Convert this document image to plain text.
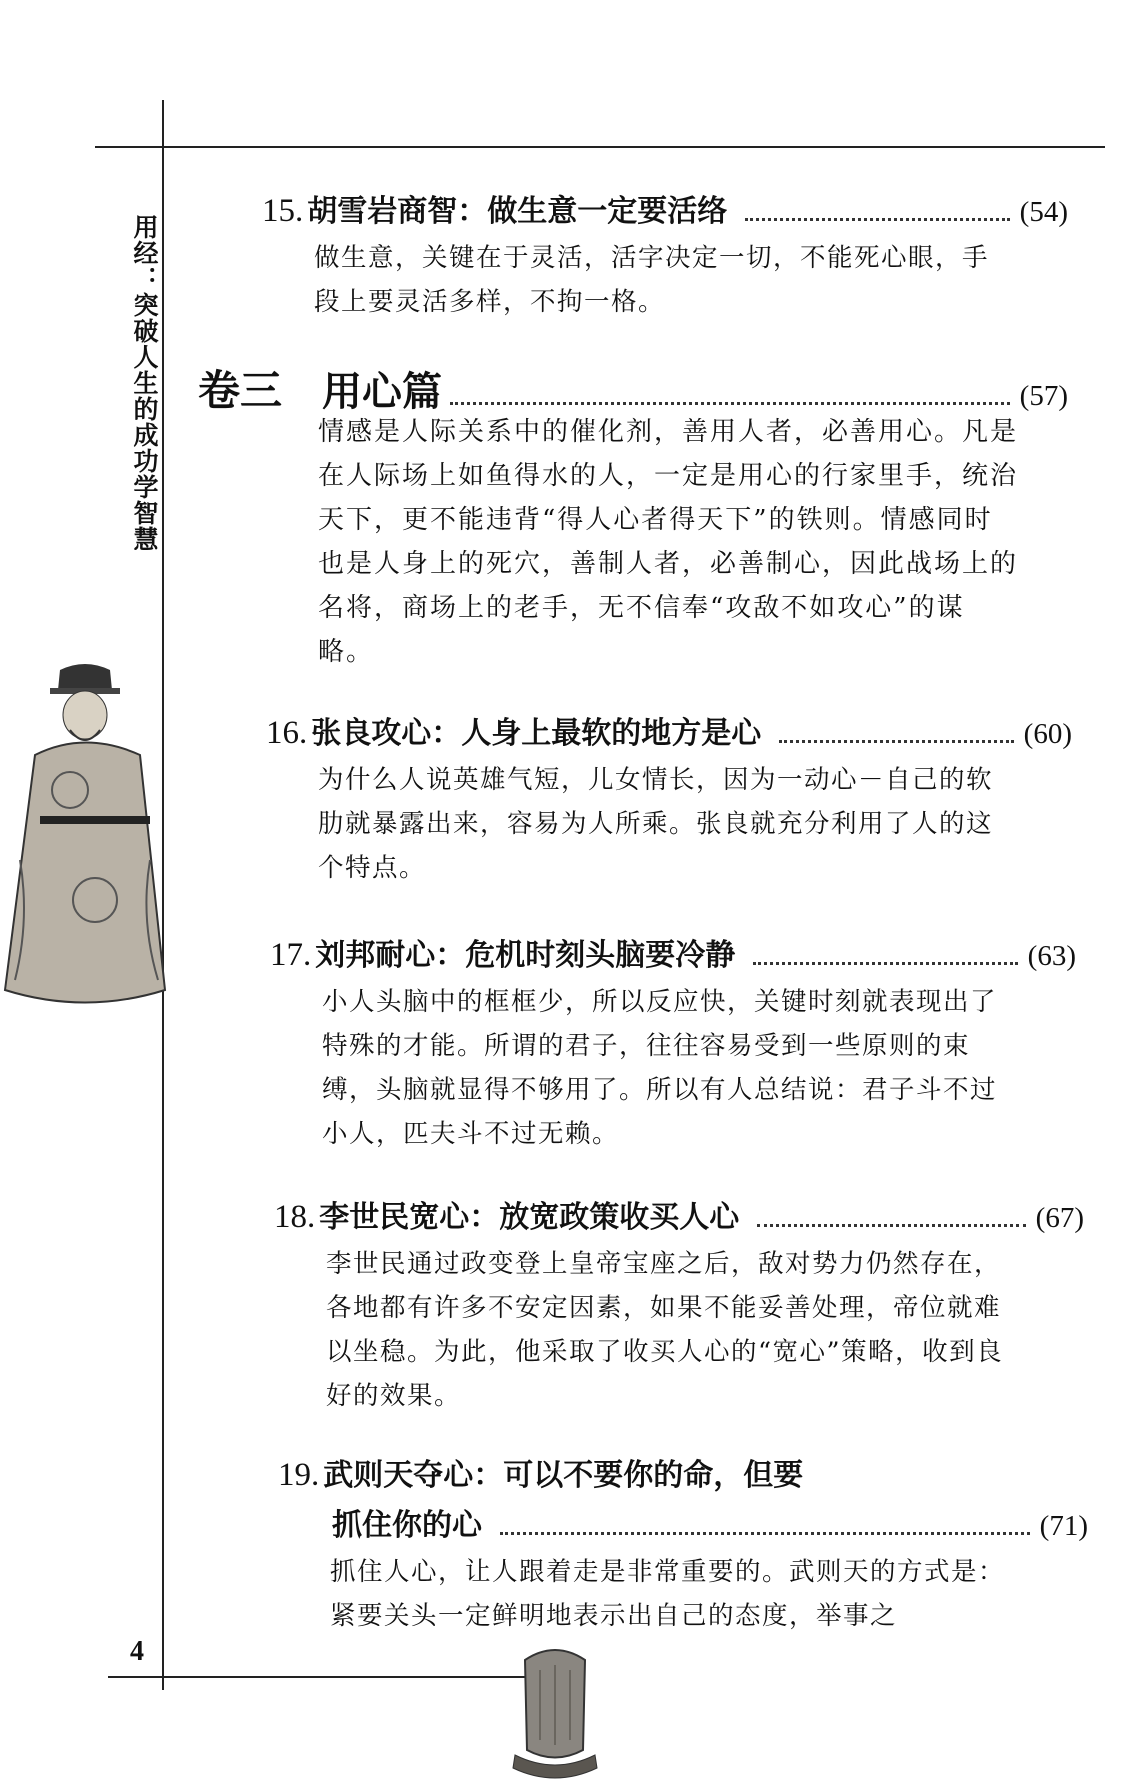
用经：突破人生的成功学智慧
15. 胡雪岩商智：做生意一定要活络	(54)
做生意，关键在于灵活，活字决定一切，不能死心眼，手段上要灵活多样，不拘一格。
卷三 用心篇	(57)
情感是人际关系中的催化剂，善用人者，必善用心。凡是在人际场上如鱼得水的人，一定是用心的行家里手，统治天下，更不能违背“得人心者得天下”的铁则。情感同时也是人身上的死穴，善制人者，必善制心，因此战场上的名将，商场上的老手，无不信奉“攻敌不如攻心”的谋略。
16. 张良攻心：人身上最软的地方是心	(60)
为什么人说英雄气短，儿女情长，因为一动心－自己的软肋就暴露出来，容易为人所乘。张良就充分利用了人的这个特点。
17. 刘邦耐心：危机时刻头脑要冷静	(63)
小人头脑中的框框少，所以反应快，关键时刻就表现出了特殊的才能。所谓的君子，往往容易受到一些原则的束缚，头脑就显得不够用了。所以有人总结说：君子斗不过小人，匹夫斗不过无赖。
18. 李世民宽心：放宽政策收买人心	(67)
李世民通过政变登上皇帝宝座之后，敌对势力仍然存在，各地都有许多不安定因素，如果不能妥善处理，帝位就难以坐稳。为此，他采取了收买人心的“宽心”策略，收到良好的效果。
19. 武则天夺心：可以不要你的命，但要
抓住你的心	(71)
抓住人心，让人跟着走是非常重要的。武则天的方式是：紧要关头一定鲜明地表示出自己的态度，举事之
4
